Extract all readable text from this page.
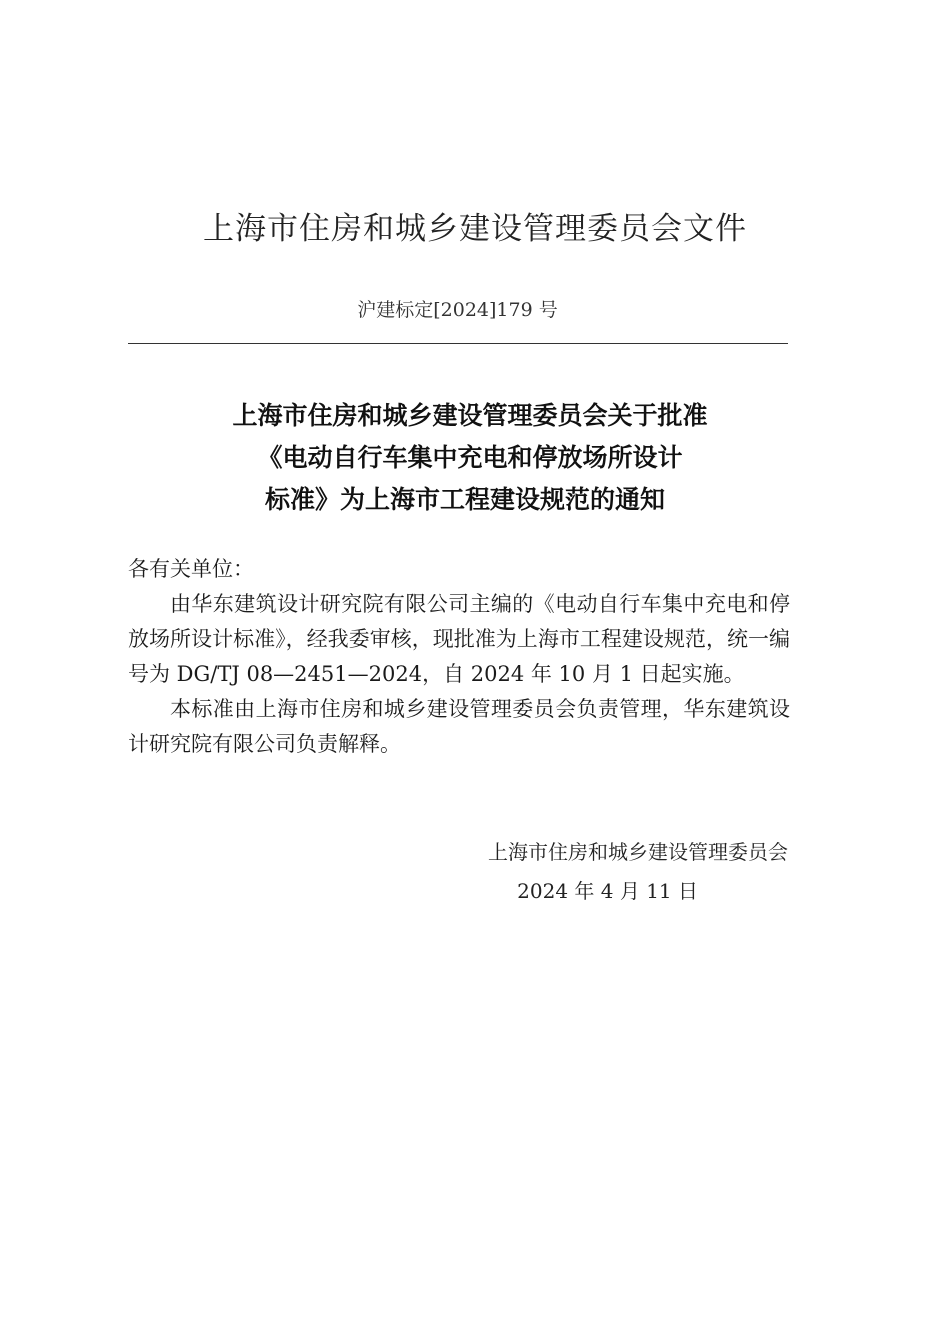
上海市住房和城乡建设管理委员会文件
沪建标定[2024]179 号
上海市住房和城乡建设管理委员会关于批准
《电动自行车集中充电和停放场所设计
标准》为上海市工程建设规范的通知

各有关单位：

由华东建筑设计研究院有限公司主编的《电动自行车集中充电和停放场所设计标准》，经我委审核，现批准为上海市工程建设规范，统一编号为 DG/TJ 08—2451—2024，自 2024 年 10 月 1 日起实施。

本标准由上海市住房和城乡建设管理委员会负责管理，华东建筑设计研究院有限公司负责解释。

上海市住房和城乡建设管理委员会
2024 年 4 月 11 日
